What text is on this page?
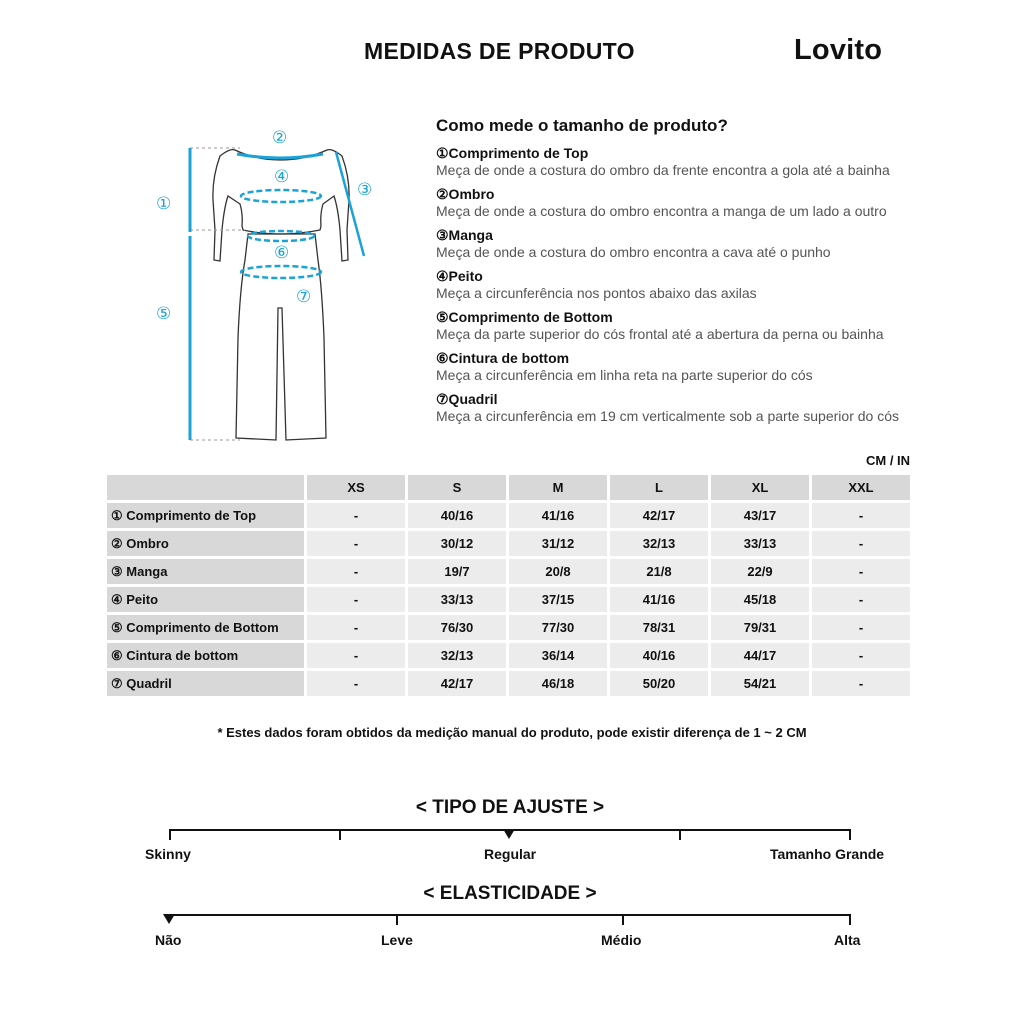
MEDIDAS DE PRODUTO	Lovito
①
②
③
④
⑤
⑥
⑦
Como mede o tamanho de produto?
①Comprimento de Top
Meça de onde a costura do ombro da frente encontra a gola até a bainha
②Ombro
Meça de onde a costura do ombro encontra a manga de um lado a outro
③Manga
Meça de onde a costura do ombro encontra a cava até o punho
④Peito
Meça a circunferência nos pontos abaixo das axilas
⑤Comprimento de Bottom
Meça da parte superior do cós frontal até a abertura da perna ou bainha
⑥Cintura de bottom
Meça a circunferência em linha reta na parte superior do cós
⑦Quadril
Meça a circunferência em 19 cm verticalmente sob a parte superior do cós
CM / IN
	XS	S	M	L	XL	XXL
① Comprimento de Top	-	40/16	41/16	42/17	43/17	-
② Ombro	-	30/12	31/12	32/13	33/13	-
③ Manga	-	19/7	20/8	21/8	22/9	-
④ Peito	-	33/13	37/15	41/16	45/18	-
⑤ Comprimento de Bottom	-	76/30	77/30	78/31	79/31	-
⑥ Cintura de bottom	-	32/13	36/14	40/16	44/17	-
⑦ Quadril	-	42/17	46/18	50/20	54/21	-
* Estes dados foram obtidos da medição manual do produto, pode existir diferença de 1 ~ 2 CM
< TIPO DE AJUSTE >
Skinny	Regular	Tamanho Grande
< ELASTICIDADE >
Não	Leve	Médio	Alta
